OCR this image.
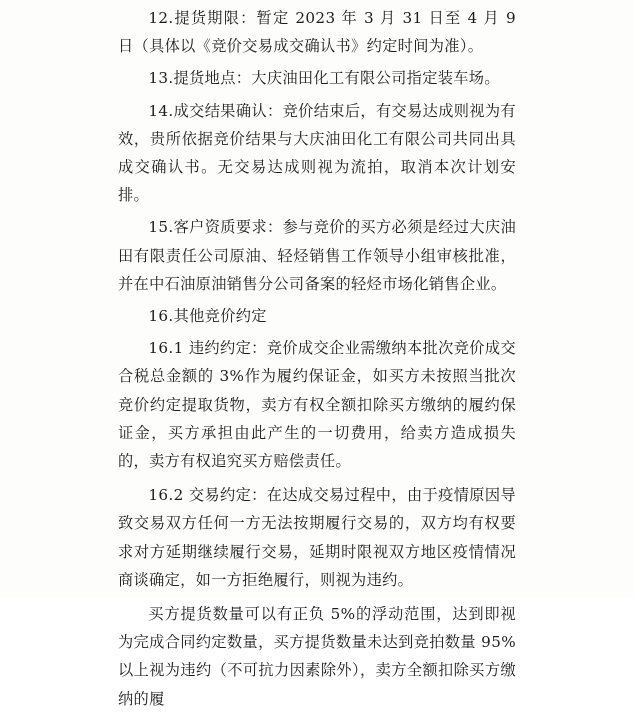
12.提货期限：暂定 2023 年 3 月 31 日至 4 月 9 日（具体以《竞价交易成交确认书》约定时间为准）。

13.提货地点：大庆油田化工有限公司指定装车场。

14.成交结果确认：竞价结束后，有交易达成则视为有效，贵所依据竞价结果与大庆油田化工有限公司共同出具成交确认书。无交易达成则视为流拍，取消本次计划安排。

15.客户资质要求：参与竞价的买方必须是经过大庆油田有限责任公司原油、轻烃销售工作领导小组审核批准，并在中石油原油销售分公司备案的轻烃市场化销售企业。

16.其他竞价约定

16.1 违约约定：竞价成交企业需缴纳本批次竞价成交合税总金额的 3%作为履约保证金，如买方未按照当批次竞价约定提取货物，卖方有权全额扣除买方缴纳的履约保证金，买方承担由此产生的一切费用，给卖方造成损失的，卖方有权追究买方赔偿责任。

16.2 交易约定：在达成交易过程中，由于疫情原因导致交易双方任何一方无法按期履行交易的，双方均有权要求对方延期继续履行交易，延期时限视双方地区疫情情况商谈确定，如一方拒绝履行，则视为违约。

买方提货数量可以有正负 5%的浮动范围，达到即视为完成合同约定数量，买方提货数量未达到竞拍数量 95%以上视为违约（不可抗力因素除外），卖方全额扣除买方缴纳的履
